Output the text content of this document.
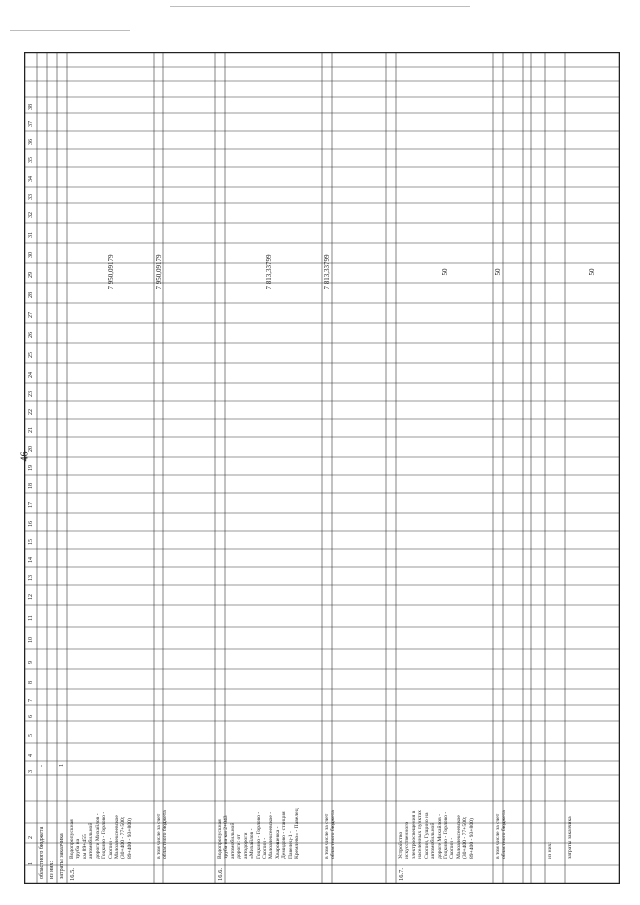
46
1
2
3
4
5
6
7
8
9
10
11
12
13
14
15
16
17
18
19
20
21
22
23
24
25
26
27
28
29
30
31
32
33
34
35
36
37
38
областного бюджета из них: затраты заказчика
- 1
16.5.
Водопропускная
труба на
км 89+455
автомобильной
дороги Михайлов -
Гоцкино - Горлово -
Скопин -
Малоалексеевское
(30+400 - 77+500;
89+400 - 93+800)
7 950,09179
в том числе за счет
областного бюджета
7 950,09179
16.6.
Водопропускная
труба на км 2+043
автомобильной
дороги: от
автодороги
«Михайлов -
Гоцкино - Горлово -
Скопин -
Малоалексеевское -
Хварошевка -
Демидово - станция
Павелец-1 -
Кремлево» - Павелец
7 813,33799
в том числе за счет
областного бюджета
7 813,33799
16.7.
Устройство
искусственного
электроосвещения в
населенных пунктах
Скопин, Гущино на
автомобильной
дороге Михайлов -
Гоцкино - Горлово -
Скопин -
Малоалексеевское
(30+400 - 77+500;
89+400 - 93+800)
50
в том числе за счет
областного бюджета
50
из них:	затраты заказчика
50
